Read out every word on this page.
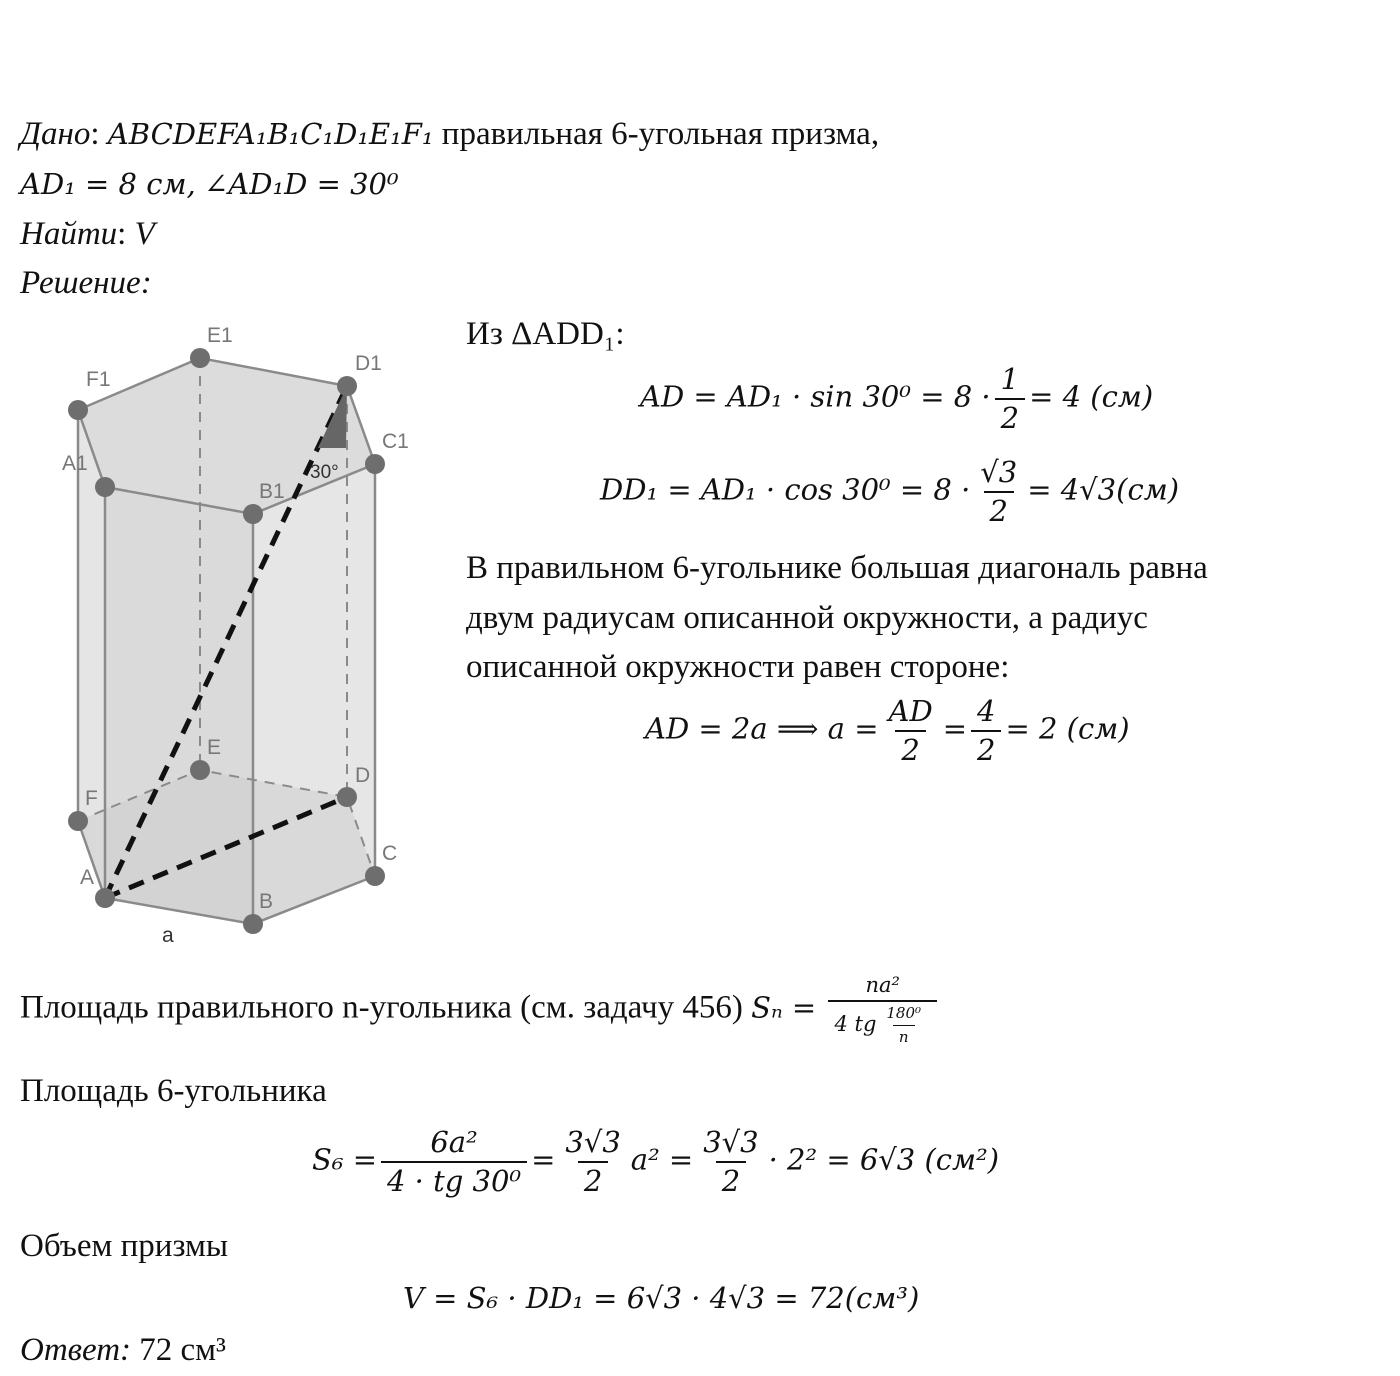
Дано: ABCDEFA₁B₁C₁D₁E₁F₁ правильная 6-угольная призма,
AD₁ = 8 см, ∠AD₁D = 30⁰
Найти: V
Решение:
A
B
C
D
E
F
A1
B1
C1
D1
E1
F1
a
30°
Из ΔADD₁:
AD = $AD_1 \cdot \sin 30^0 = 8 \cdot \frac{1}{2} = 4$ (см)
$DD_1 = AD_1 \cdot \cos 30^0 = 8 \cdot \frac{√3}{2} = 4√3(см)$
В правильном 6-угольнике большая диагональ равна
двум радиусам описанной окружности, а радиус
описанной окружности равен стороне:
AD = 2a ⟹ $a = \frac{AD}{2} = \frac{4}{2} = 2$ (см)
Площадь правильного n-угольника (см. задачу 456) $S_n = \frac{\text{na²}}{4 tg \frac{\text{180⁰}}{n}}$
Площадь 6-угольника
$S_6 = \frac{\text{6a²}}{\text{4 · tg 30⁰}} = \frac{3√3}{2} a^2 = \frac{3√3}{2} \cdot 2^2 = 6√3$ (см²)
Объем призмы
V = S₆ · DD₁ = 6√3 · 4√3 = 72(см³)
Ответ: 72 см³
